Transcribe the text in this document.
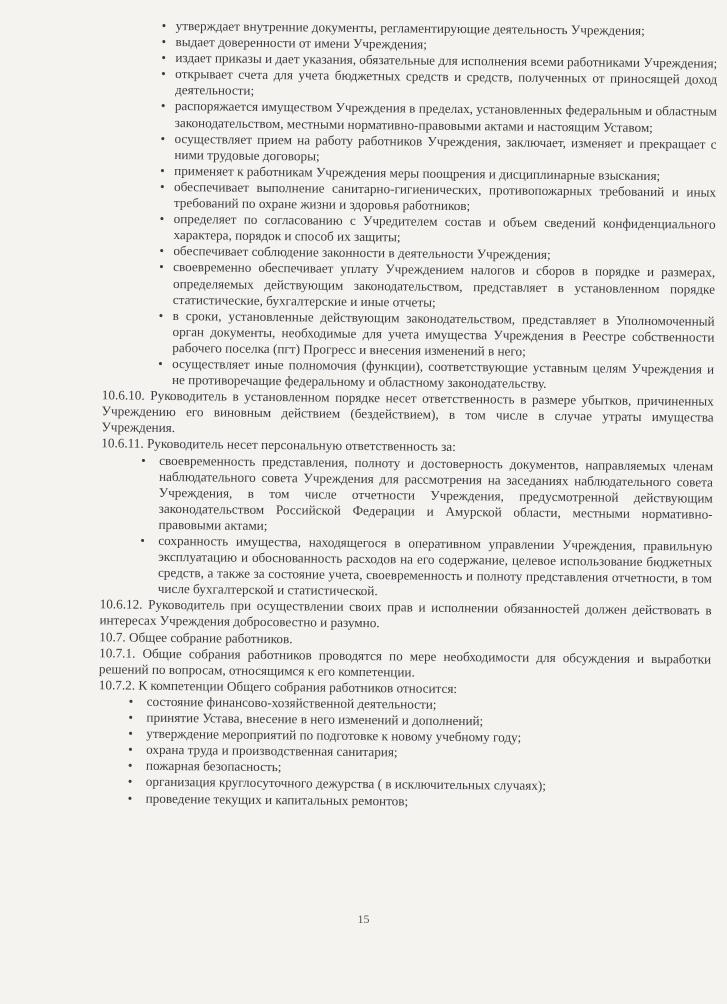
• утверждает внутренние документы, регламентирующие деятельность Учреждения;
• выдает доверенности от имени Учреждения;
• издает приказы и дает указания, обязательные для исполнения всеми работниками Учреждения;
• открывает счета для учета бюджетных средств и средств, полученных от приносящей доход деятельности;
• распоряжается имуществом Учреждения в пределах, установленных федеральным и областным законодательством, местными нормативно-правовыми актами и настоящим Уставом;
• осуществляет прием на работу работников Учреждения, заключает, изменяет и прекращает с ними трудовые договоры;
• применяет к работникам Учреждения меры поощрения и дисциплинарные взыскания;
• обеспечивает выполнение санитарно-гигиенических, противопожарных требований и иных требований по охране жизни и здоровья работников;
• определяет по согласованию с Учредителем состав и объем сведений конфиденциального характера, порядок и способ их защиты;
• обеспечивает соблюдение законности в деятельности Учреждения;
• своевременно обеспечивает уплату Учреждением налогов и сборов в порядке и размерах, определяемых действующим законодательством, представляет в установленном порядке статистические, бухгалтерские и иные отчеты;
• в сроки, установленные действующим законодательством, представляет в Уполномоченный орган документы, необходимые для учета имущества Учреждения в Реестре собственности рабочего поселка (пгт) Прогресс и внесения изменений в него;
• осуществляет иные полномочия (функции), соответствующие уставным целям Учреждения и не противоречащие федеральному и областному законодательству.

10.6.10. Руководитель в установленном порядке несет ответственность в размере убытков, причиненных Учреждению его виновным действием (бездействием), в том числе в случае утраты имущества Учреждения.

10.6.11. Руководитель несет персональную ответственность за:

• своевременность представления, полноту и достоверность документов, направляемых членам наблюдательного совета Учреждения для рассмотрения на заседаниях наблюдательного совета Учреждения, в том числе отчетности Учреждения, предусмотренной действующим законодательством Российской Федерации и Амурской области, местными нормативно-правовыми актами;
• сохранность имущества, находящегося в оперативном управлении Учреждения, правильную эксплуатацию и обоснованность расходов на его содержание, целевое использование бюджетных средств, а также за состояние учета, своевременность и полноту представления отчетности, в том числе бухгалтерской и статистической.

10.6.12. Руководитель при осуществлении своих прав и исполнении обязанностей должен действовать в интересах Учреждения добросовестно и разумно.

10.7. Общее собрание работников.

10.7.1. Общие собрания работников проводятся по мере необходимости для обсуждения и выработки решений по вопросам, относящимся к его компетенции.

10.7.2. К компетенции Общего собрания работников относится:

• состояние финансово-хозяйственной деятельности;
• принятие Устава, внесение в него изменений и дополнений;
• утверждение мероприятий по подготовке к новому учебному году;
• охрана труда и производственная санитария;
• пожарная безопасность;
• организация круглосуточного дежурства ( в исключительных случаях);
• проведение текущих и капитальных ремонтов;
15
